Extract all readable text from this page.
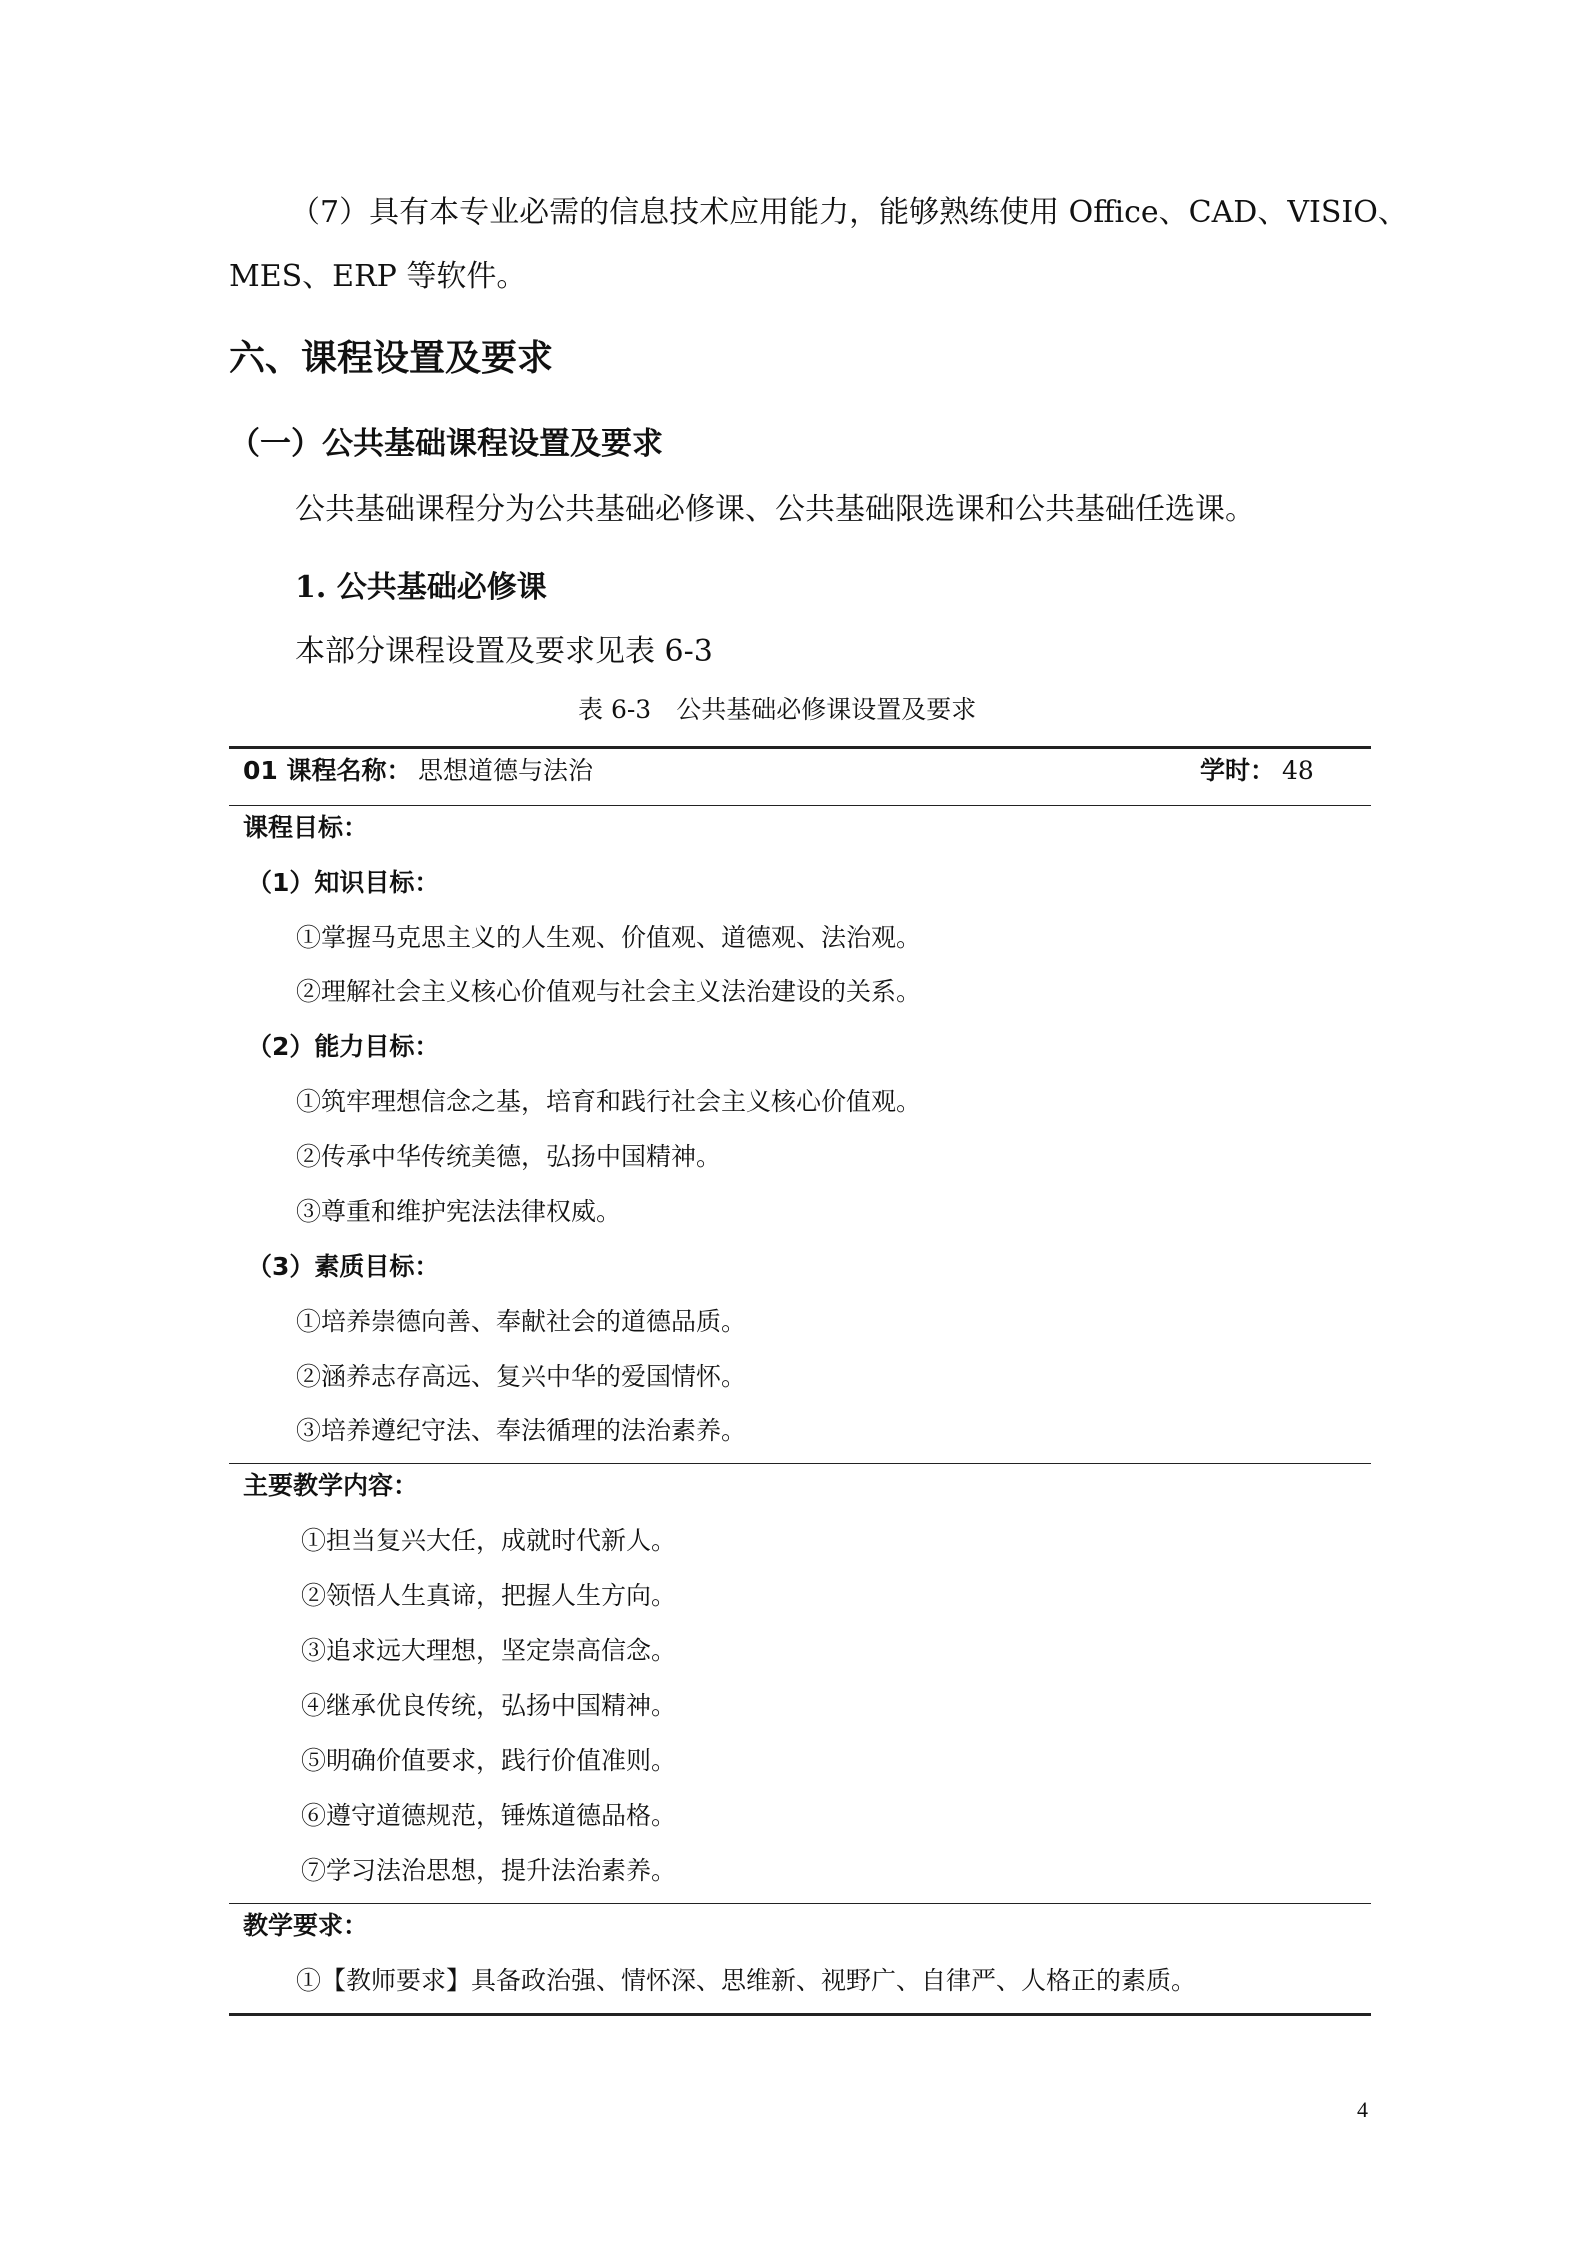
（7）具有本专业必需的信息技术应用能力，能够熟练使用 Office、CAD、VISIO、
MES、ERP 等软件。
六、课程设置及要求
（一）公共基础课程设置及要求
公共基础课程分为公共基础必修课、公共基础限选课和公共基础任选课。
1. 公共基础必修课
本部分课程设置及要求见表 6-3
表 6-3　公共基础必修课设置及要求
01 课程名称： 思想道德与法治	学时： 48
课程目标：
（1）知识目标：
①掌握马克思主义的人生观、价值观、道德观、法治观。
②理解社会主义核心价值观与社会主义法治建设的关系。
（2）能力目标：
①筑牢理想信念之基，培育和践行社会主义核心价值观。
②传承中华传统美德，弘扬中国精神。
③尊重和维护宪法法律权威。
（3）素质目标：
①培养崇德向善、奉献社会的道德品质。
②涵养志存高远、复兴中华的爱国情怀。
③培养遵纪守法、奉法循理的法治素养。
主要教学内容：
①担当复兴大任，成就时代新人。
②领悟人生真谛，把握人生方向。
③追求远大理想，坚定崇高信念。
④继承优良传统，弘扬中国精神。
⑤明确价值要求，践行价值准则。
⑥遵守道德规范，锤炼道德品格。
⑦学习法治思想，提升法治素养。
教学要求：
①【教师要求】具备政治强、情怀深、思维新、视野广、自律严、人格正的素质。
4
